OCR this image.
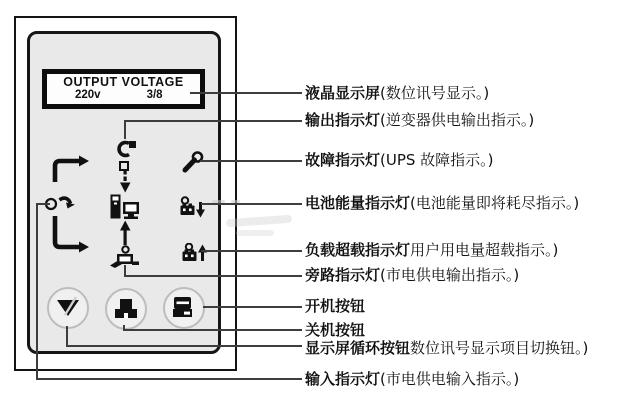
OUTPUT VOLTAGE
220v	3/8	液晶显示屏(数位讯号显示。)
输出指示灯(逆变器供电输出指示。)
故障指示灯(UPS 故障指示。)
电池能量指示灯(电池能量即将耗尽指示。)
负载超载指示灯用户用电量超载指示。)
旁路指示灯(市电供电输出指示。)
开机按钮
关机按钮
显示屏循环按钮数位讯号显示项目切换钮。)
输入指示灯(市电供电输入指示。)
